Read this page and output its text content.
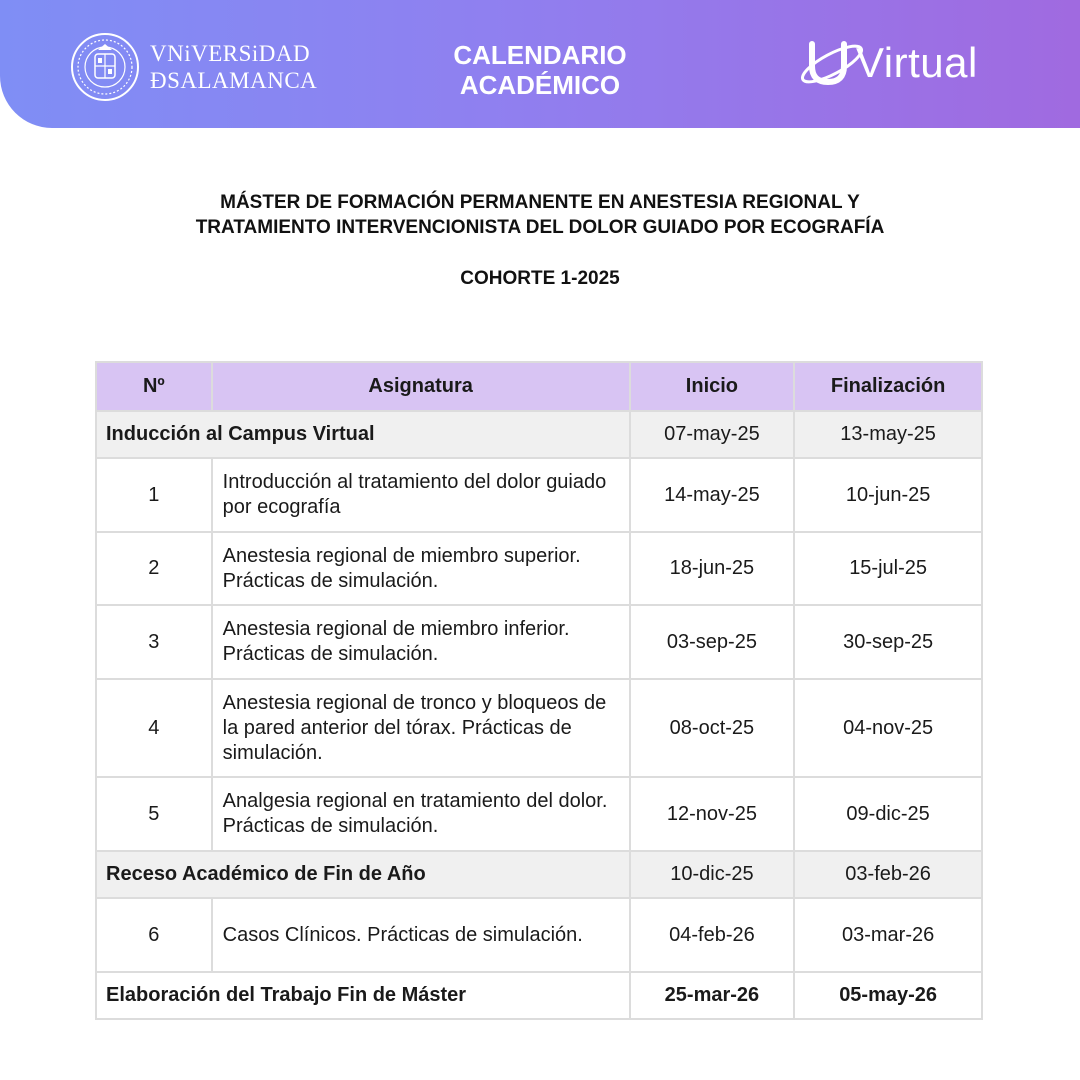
VNiVERSiDAD
ÐSALAMANCA
CALENDARIO
ACADÉMICO	Virtual
MÁSTER DE FORMACIÓN PERMANENTE EN ANESTESIA REGIONAL Y
TRATAMIENTO INTERVENCIONISTA DEL DOLOR GUIADO POR ECOGRAFÍA
COHORTE 1-2025
Nº	Asignatura	Inicio	Finalización
Inducción al Campus Virtual		07-may-25	13-may-25
1	Introducción al tratamiento del dolor guiado por ecografía	14-may-25	10-jun-25
2	Anestesia regional de miembro superior. Prácticas de simulación.	18-jun-25	15-jul-25
3	Anestesia regional de miembro inferior. Prácticas de simulación.	03-sep-25	30-sep-25
4	Anestesia regional de tronco y bloqueos de la pared anterior del tórax. Prácticas de simulación.	08-oct-25	04-nov-25
5	Analgesia regional en tratamiento del dolor. Prácticas de simulación.	12-nov-25	09-dic-25
Receso Académico de Fin de Año		10-dic-25	03-feb-26
6	Casos Clínicos. Prácticas de simulación.	04-feb-26	03-mar-26
Elaboración del Trabajo Fin de Máster		25-mar-26	05-may-26
